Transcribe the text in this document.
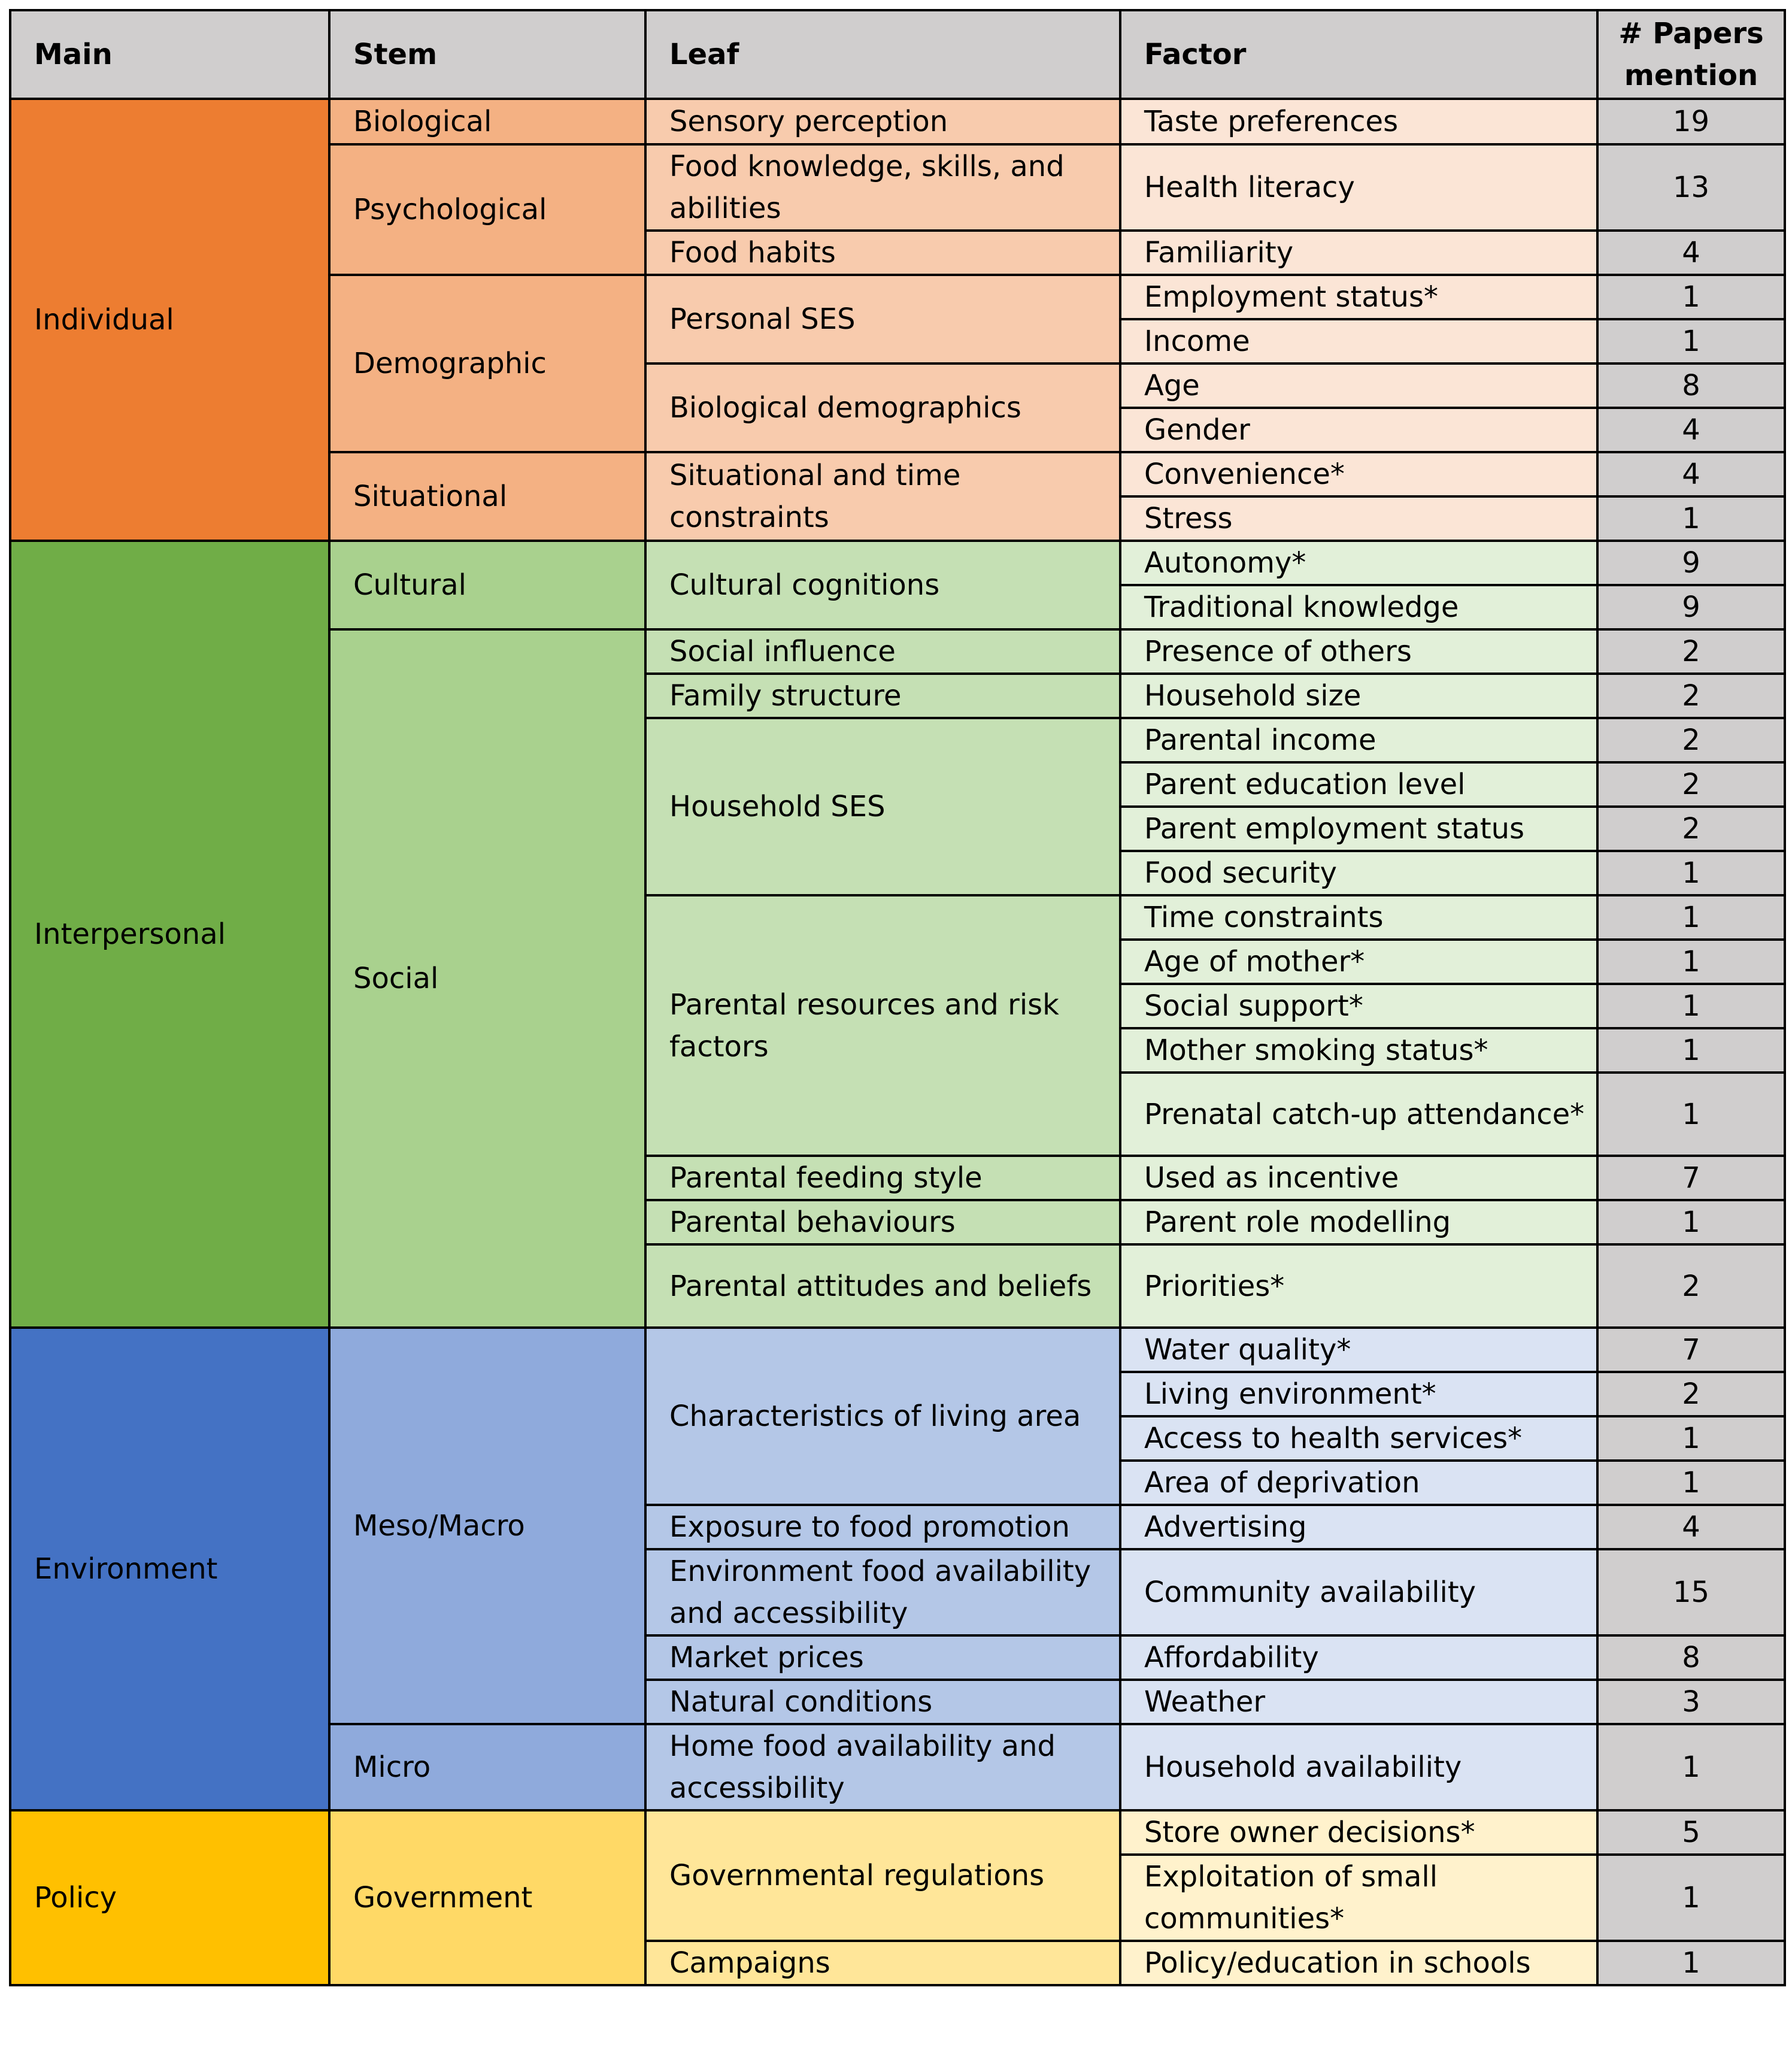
Main	Stem	Leaf	Factor	# Papers mention
Individual	Biological	Sensory perception	Taste preferences	19
	Psychological	Food knowledge, skills, and abilities	Health literacy	13
		Food habits	Familiarity	4
	Demographic	Personal SES	Employment status*	1
			Income	1
		Biological demographics	Age	8
			Gender	4
	Situational	Situational and time constraints	Convenience*	4
			Stress	1
Interpersonal	Cultural	Cultural cognitions	Autonomy*	9
			Traditional knowledge	9
	Social	Social influence	Presence of others	2
		Family structure	Household size	2
		Household SES	Parental income	2
			Parent education level	2
			Parent employment status	2
			Food security	1
		Parental resources and risk factors	Time constraints	1
			Age of mother*	1
			Social support*	1
			Mother smoking status*	1
			Prenatal catch-up attendance*	1
		Parental feeding style	Used as incentive	7
		Parental behaviours	Parent role modelling	1
		Parental attitudes and beliefs	Priorities*	2
Environment	Meso/Macro	Characteristics of living area	Water quality*	7
			Living environment*	2
			Access to health services*	1
			Area of deprivation	1
		Exposure to food promotion	Advertising	4
		Environment food availability and accessibility	Community availability	15
		Market prices	Affordability	8
		Natural conditions	Weather	3
	Micro	Home food availability and accessibility	Household availability	1
Policy	Government	Governmental regulations	Store owner decisions*	5
			Exploitation of small communities*	1
		Campaigns	Policy/education in schools	1
